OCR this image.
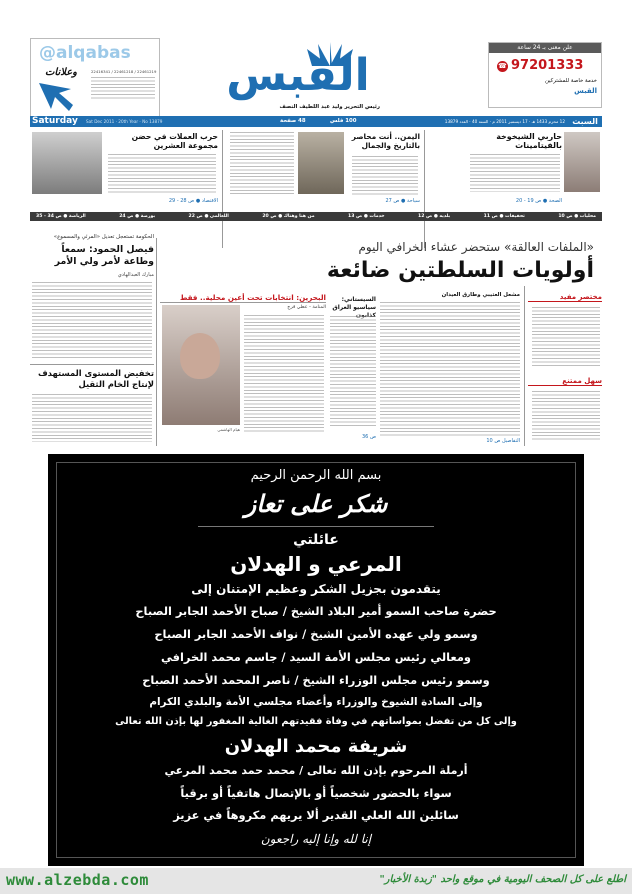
@alqabas
وعلانات	22416341 / 22461218 / 22461219 القبس
رئيس التحرير وليد عبد اللطيف النصف
علن معنى بـ 24 ساعة
☎ 97201333
خدمة خاصة للمشتركين
القبس
Saturday Sat Dec 2011 · 20th Year · No 13879	48 صفحة	100 فلس	12 محرم 1433 هـ · 17 ديسمبر 2011 م · السنة 40 · العدد 13879 السبت
حاربي الشيخوخة بالفيتامينات
الصحة ● ص 19 - 20
اليمن.. أنت محاصر بالتاريخ والجمال
سياحة ● ص 27
حرب العملات في حضن مجموعة العشرين
الاقتصاد ● ص 28 - 29
محليات ● ص 10
تحقيقات ● ص 11
بلديه ● ص 12
خدمات ● ص 13
من هنا وهناك ● ص 20
اللعالمي ● ص 22
بورصة ● ص 24
الرياضة ● ص 34 - 35
مختصر مفيد
سهل ممتنع
«الملفات العالقة» ستحضر عشاء الخرافي اليوم
أولويات السلطتين ضائعة
مشعل العتيبي وطارق العيدان
التفاصيل ص 10
السيستاني: سياسيو العراق
ص 36
البحرين: انتخابات تحت أعين محلية.. فقط
المنامة - عطي فرج
هيام الهاشمي
الحكومة تستعجل تعديل «المرئي والمسموع»
فيصل الحمود: سمعاً وطاعة لأمر ولي الأمر
مبارك العبدالهادي
تخفيض المستوى المستهدف لإنتاج الخام الثقيل
بسم الله الرحمن الرحيم
شكر على تعاز
عائلتي
المرعي و الهدلان
يتقدمون بجزيل الشكر وعظيم الإمتنان إلى
حضرة صاحب السمو أمير البلاد الشيخ / صباح الأحمد الجابر الصباح
وسمو ولي عهده الأمين الشيخ / نواف الأحمد الجابر الصباح
ومعالي رئيس مجلس الأمة السيد / جاسم محمد الخرافي
وسمو رئيس مجلس الوزراء الشيخ / ناصر المحمد الأحمد الصباح
وإلى السادة الشيوخ والوزراء وأعضاء مجلسي الأمة والبلدي الكرام
وإلى كل من تفضل بمواساتهم في وفاة فقيدتهم الغالية المغفور لها بإذن الله تعالى
شريفة محمد الهدلان
أرملة المرحوم بإذن الله تعالى / محمد حمد محمد المرعي
سواء بالحضور شخصياً أو بالإتصال هاتفياً أو برقياً
سائلين الله العلي القدير ألا يريهم مكروهاً في عزيز
إنا لله وإنا إليه راجعون
www.alzebda.com	اطلع على كل الصحف اليومية في موقع واحد "زبدة الأخبار"
